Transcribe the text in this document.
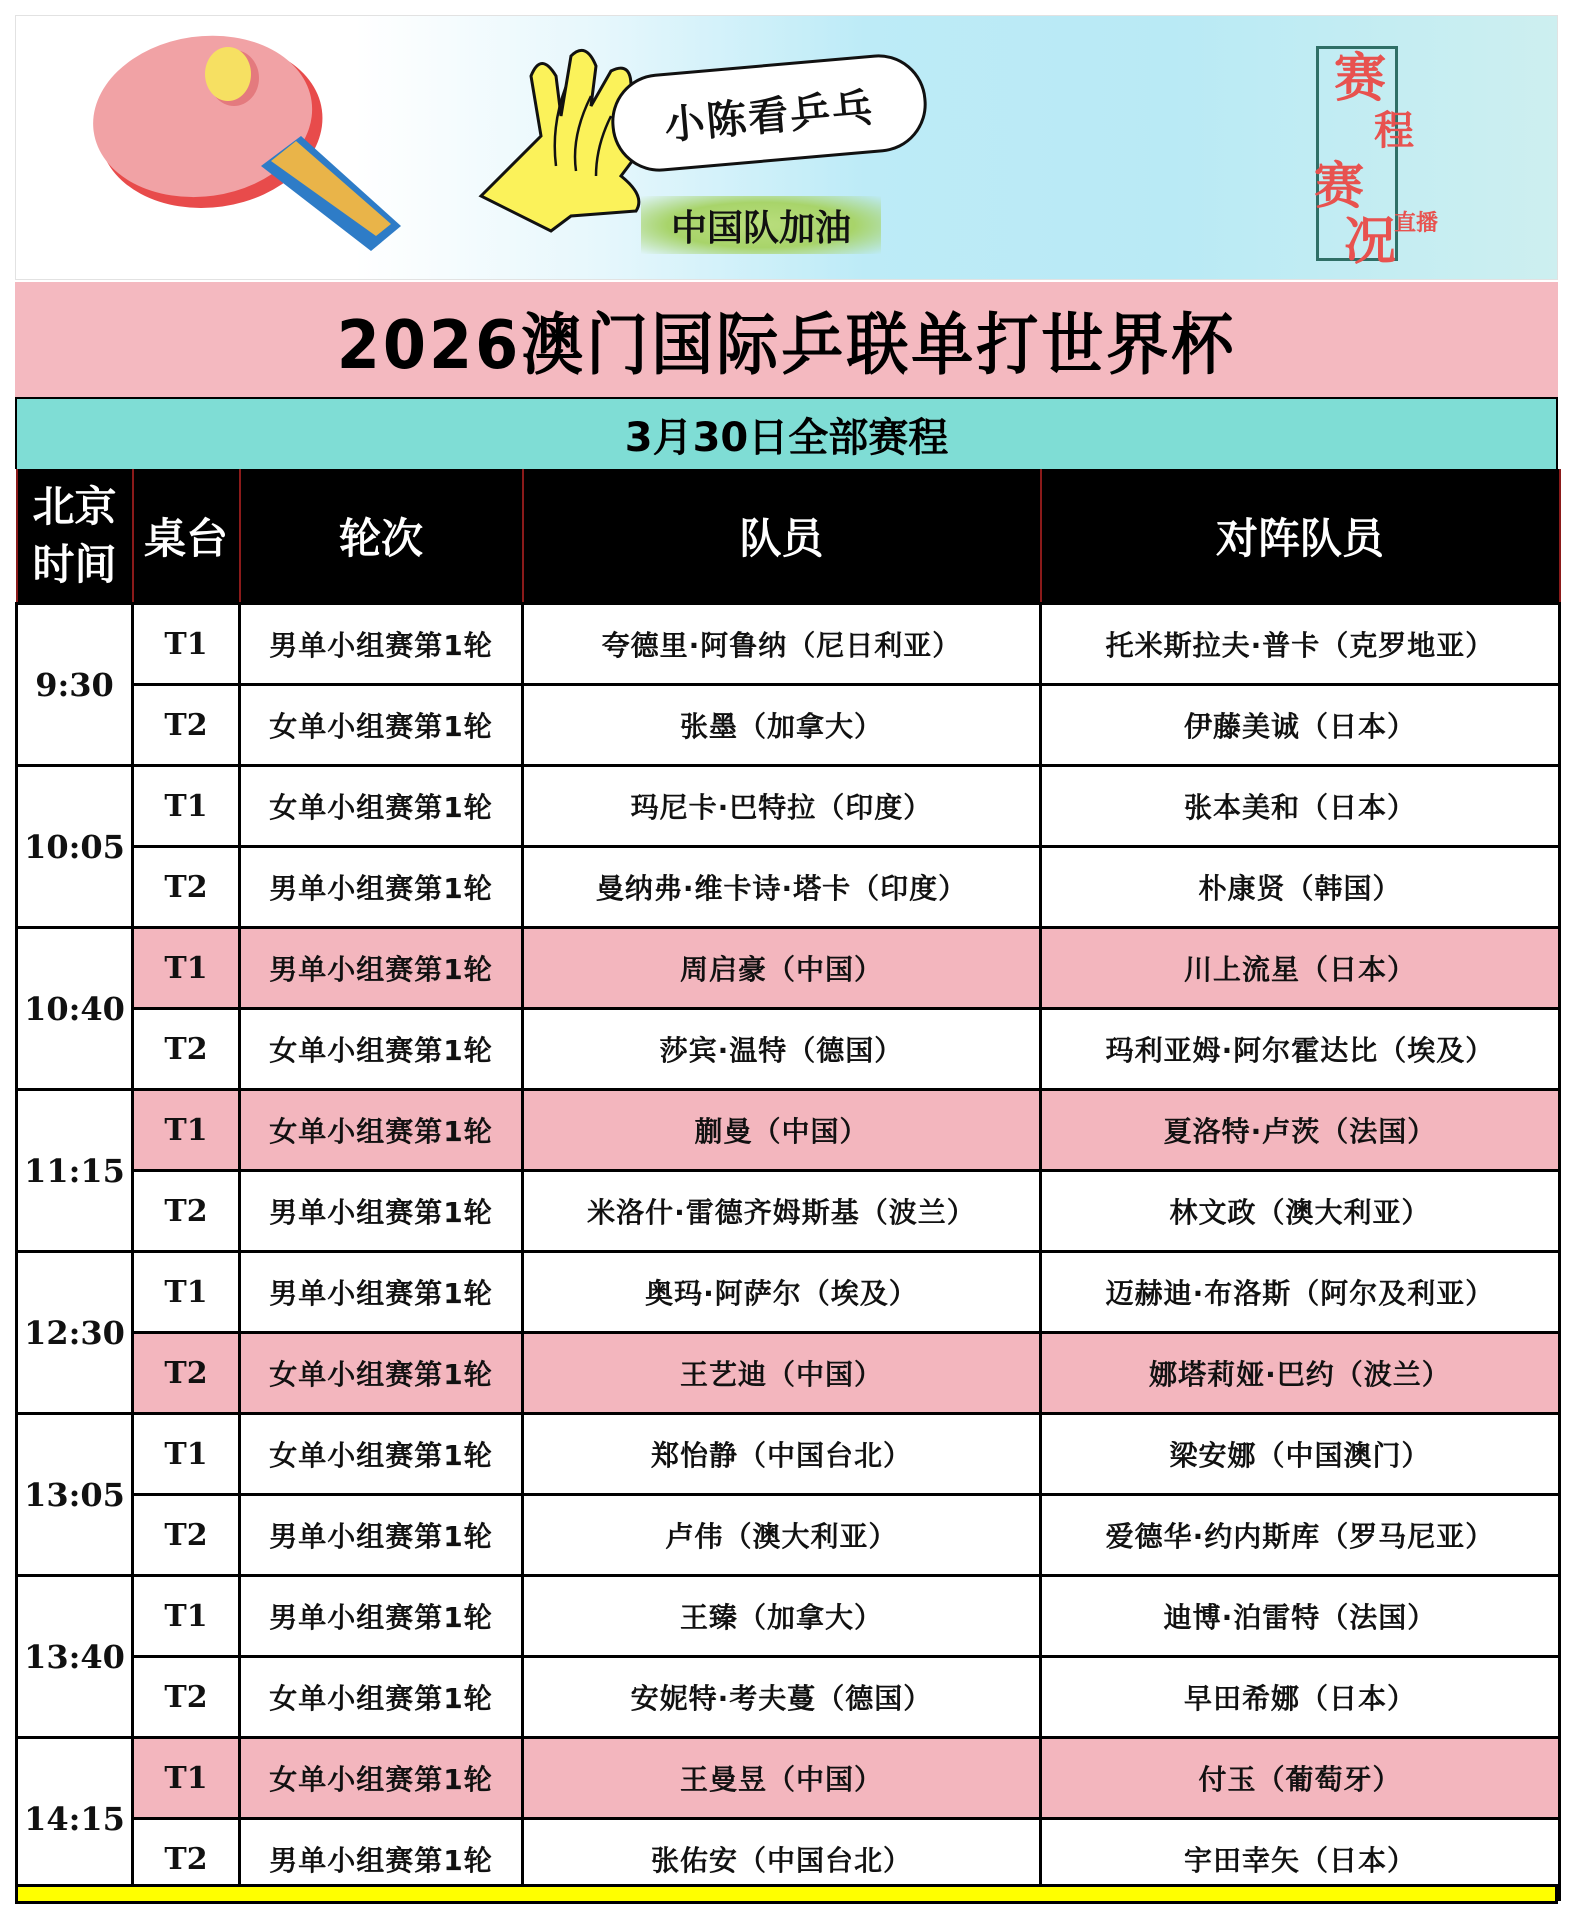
小陈看乒乓
中国队加油
赛
程
赛
况
直播
2026澳门国际乒联单打世界杯
3月30日全部赛程
北京
时间	桌台	轮次	队员	对阵队员
9:30	T1	男单小组赛第1轮	夸德里·阿鲁纳（尼日利亚）	托米斯拉夫·普卡（克罗地亚）
	T2	女单小组赛第1轮	张墨（加拿大）	伊藤美诚（日本）
10:05	T1	女单小组赛第1轮	玛尼卡·巴特拉（印度）	张本美和（日本）
	T2	男单小组赛第1轮	曼纳弗·维卡诗·塔卡（印度）	朴康贤（韩国）
10:40	T1	男单小组赛第1轮	周启豪（中国）	川上流星（日本）
	T2	女单小组赛第1轮	莎宾·温特（德国）	玛利亚姆·阿尔霍达比（埃及）
11:15	T1	女单小组赛第1轮	蒯曼（中国）	夏洛特·卢茨（法国）
	T2	男单小组赛第1轮	米洛什·雷德齐姆斯基（波兰）	林文政（澳大利亚）
12:30	T1	男单小组赛第1轮	奥玛·阿萨尔（埃及）	迈赫迪·布洛斯（阿尔及利亚）
	T2	女单小组赛第1轮	王艺迪（中国）	娜塔莉娅·巴约（波兰）
13:05	T1	女单小组赛第1轮	郑怡静（中国台北）	梁安娜（中国澳门）
	T2	男单小组赛第1轮	卢伟（澳大利亚）	爱德华·约内斯库（罗马尼亚）
13:40	T1	男单小组赛第1轮	王臻（加拿大）	迪博·泊雷特（法国）
	T2	女单小组赛第1轮	安妮特·考夫蔓（德国）	早田希娜（日本）
14:15	T1	女单小组赛第1轮	王曼昱（中国）	付玉（葡萄牙）
	T2	男单小组赛第1轮	张佑安（中国台北）	宇田幸矢（日本）
